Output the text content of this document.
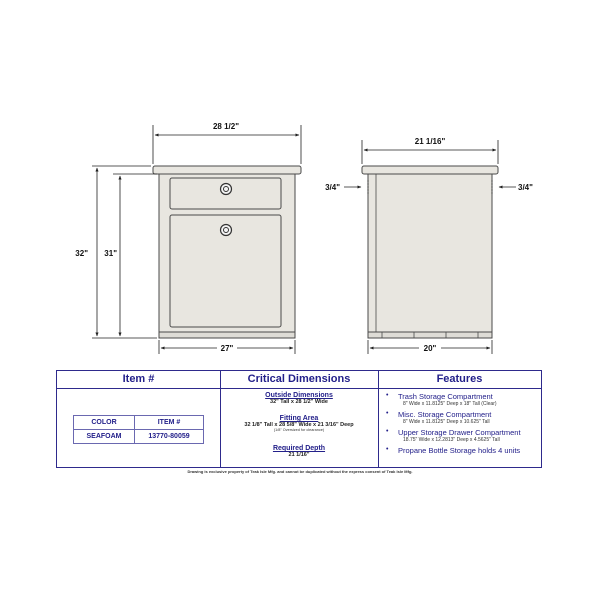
28 1/2"
32" 31"
27"
21 1/16"
3/4"	3/4"
20"
Item #
COLOR	ITEM #
SEAFOAM	13770-80059
Critical Dimensions
Outside Dimensions
32" Tall x 28 1/2" Wide
Fitting Area
32 1/8" Tall x 28 5/8" Wide x 21 3/16" Deep
(1/8" Oversized for clearance)
Required Depth
21 1/16"
Features
• Trash Storage Compartment
8" Wide x 11.8125" Deep x 18" Tall (Clear)
• Misc. Storage Compartment
8" Wide x 11.8125" Deep x 10.625" Tall
• Upper Storage Drawer Compartment
18.75" Wide x 12.2813" Deep x 4.5625" Tall
• Propane Bottle Storage holds 4 units
Drawing is exclusive property of Teak Isle Mfg. and cannot be duplicated without the express consent of Teak Isle Mfg.
